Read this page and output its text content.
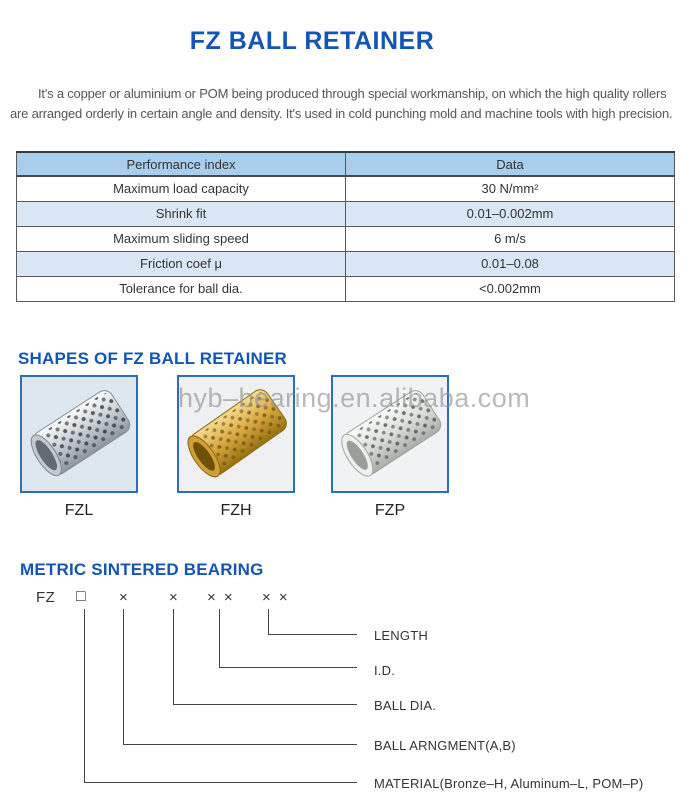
FZ BALL RETAINER

It's a copper or aluminium or POM being produced through special workmanship, on which the high quality rollers are arranged orderly in certain angle and density. It's used in cold punching mold and machine tools with high precision.

Performance index	Data
Maximum load capacity	30 N/mm²
Shrink fit	0.01–0.002mm
Maximum sliding speed	6 m/s
Friction coef μ	0.01–0.08
Tolerance for ball dia.	<0.002mm
SHAPES OF FZ BALL RETAINER
FZL	FZH	FZP
hyb–bearing.en.alibaba.com
METRIC SINTERED BEARING
FZ □ ×	× × × × ×
LENGTH
I.D.
BALL DIA.
BALL ARNGMENT(A,B)
MATERIAL(Bronze–H, Aluminum–L, POM–P)
